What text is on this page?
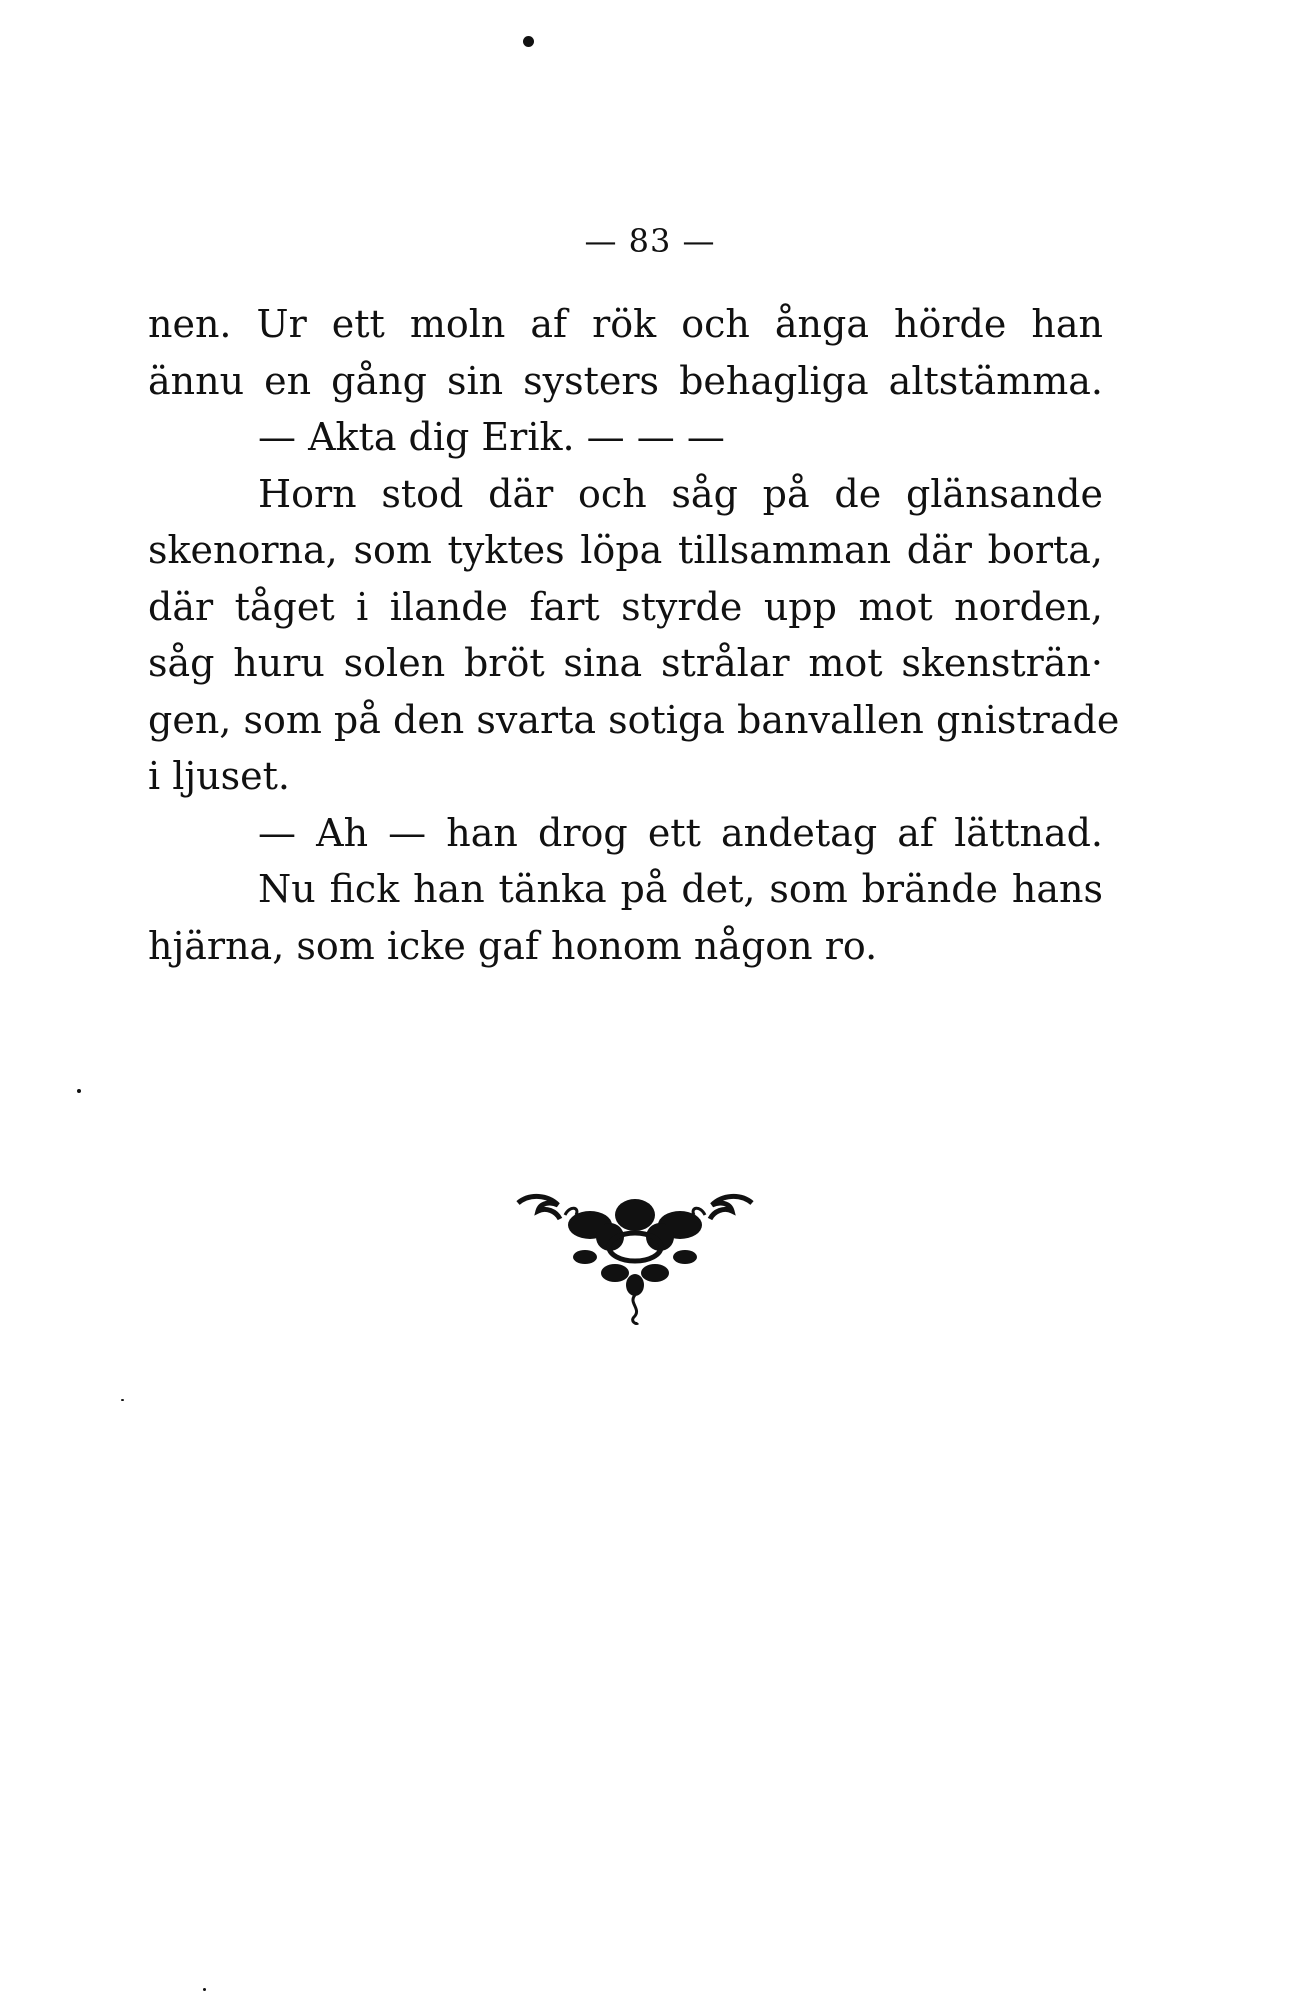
— 83 —
nen. Ur ett moln af rök och ånga hörde han
ännu en gång sin systers behagliga altstämma.
— Akta dig Erik. — — —
Horn stod där och såg på de glänsande
skenorna, som tyktes löpa tillsamman där borta,
där tåget i ilande fart styrde upp mot norden,
såg huru solen bröt sina strålar mot skensträn·
gen, som på den svarta sotiga banvallen gnistrade
i ljuset.
— Ah — han drog ett andetag af lättnad.
Nu fick han tänka på det, som brände hans
hjärna, som icke gaf honom någon ro.
